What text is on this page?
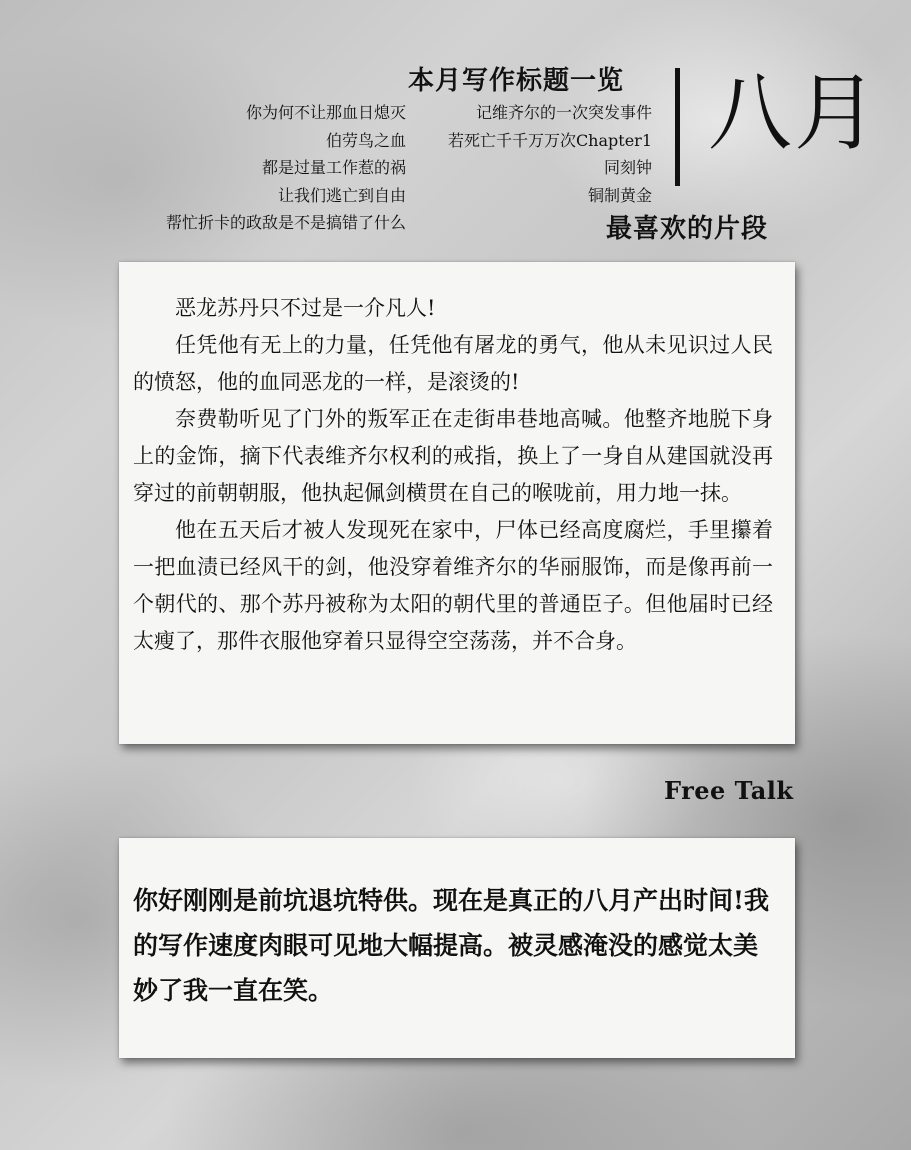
本月写作标题一览
你为何不让那血日熄灭
伯劳鸟之血
都是过量工作惹的祸
让我们逃亡到自由
帮忙折卡的政敌是不是搞错了什么
记维齐尔的一次突发事件
若死亡千千万万次Chapter1
同刻钟
铜制黄金
八月
最喜欢的片段

恶龙苏丹只不过是一介凡人!

任凭他有无上的力量，任凭他有屠龙的勇气，他从未见识过人民的愤怒，他的血同恶龙的一样，是滚烫的!

奈费勒听见了门外的叛军正在走街串巷地高喊。他整齐地脱下身上的金饰，摘下代表维齐尔权利的戒指，换上了一身自从建国就没再穿过的前朝朝服，他执起佩剑横贯在自己的喉咙前，用力地一抹。

他在五天后才被人发现死在家中，尸体已经高度腐烂，手里攥着一把血渍已经风干的剑，他没穿着维齐尔的华丽服饰，而是像再前一个朝代的、那个苏丹被称为太阳的朝代里的普通臣子。但他届时已经太瘦了，那件衣服他穿着只显得空空荡荡，并不合身。

Free Talk
你好刚刚是前坑退坑特供。现在是真正的八月产出时间!我的写作速度肉眼可见地大幅提高。被灵感淹没的感觉太美妙了我一直在笑。
